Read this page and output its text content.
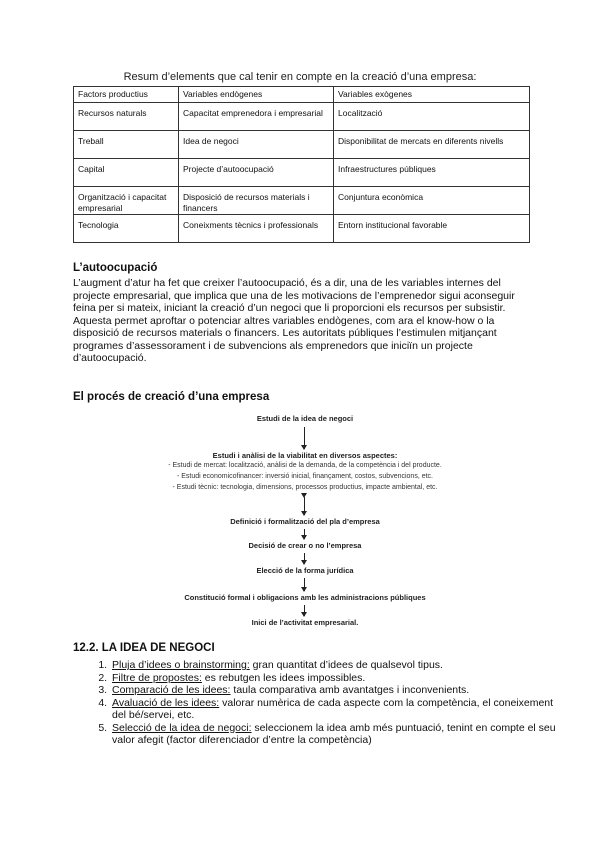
Resum d’elements que cal tenir en compte en la creació d’una empresa:
Factors productius	Variables endògenes	Variables exògenes
Recursos naturals	Capacitat emprenedora i empresarial	Localització
Treball	Idea de negoci	Disponibilitat de mercats en diferents nivells
Capital	Projecte d’autoocupació	Infraestructures públiques
Organització i capacitat empresarial	Disposició de recursos materials i financers	Conjuntura econòmica
Tecnologia	Coneixments tècnics i professionals	Entorn institucional favorable
L’autoocupació

L’augment d’atur ha fet que creixer l’autoocupació, és a dir, una de les variables internes del projecte empresarial, que implica que una de les motivacions de l’emprenedor sigui aconseguir feina per si mateix, iniciant la creació d’un negoci que li proporcioni els recursos per subsistir. Aquesta permet aproftar o potenciar altres variables endògenes, com ara el know-how o la disposició de recursos materials o financers. Les autoritats públiques l’estimulen mitjançant programes d’assessorament i de subvencions als emprenedors que iniciïn un projecte d’autoocupació.

El procés de creació d’una empresa
Estudi de la idea de negoci
Estudi i anàlisi de la viabilitat en diversos aspectes:
- Estudi de mercat: localització, anàlisi de la demanda, de la competència i del producte.
- Estudi economicofinancer: inversió inicial, finançament, costos, subvencions, etc.
- Estudi tècnic: tecnologia, dimensions, processos productius, impacte ambiental, etc.
Definició i formalització del pla d’empresa
Decisió de crear o no l’empresa
Elecció de la forma jurídica
Constitució formal i obligacions amb les administracions públiques
Inici de l’activitat empresarial.
12.2. LA IDEA DE NEGOCI
1. Pluja d’idees o brainstorming: gran quantitat d’idees de qualsevol tipus.
2. Filtre de propostes: es rebutgen les idees impossibles.
3. Comparació de les idees: taula comparativa amb avantatges i inconvenients.
4. Avaluació de les idees: valorar numèrica de cada aspecte com la competència, el coneixement del bé/servei, etc.
5. Selecció de la idea de negoci: seleccionem la idea amb més puntuació, tenint en compte el seu valor afegit (factor diferenciador d’entre la competència)
